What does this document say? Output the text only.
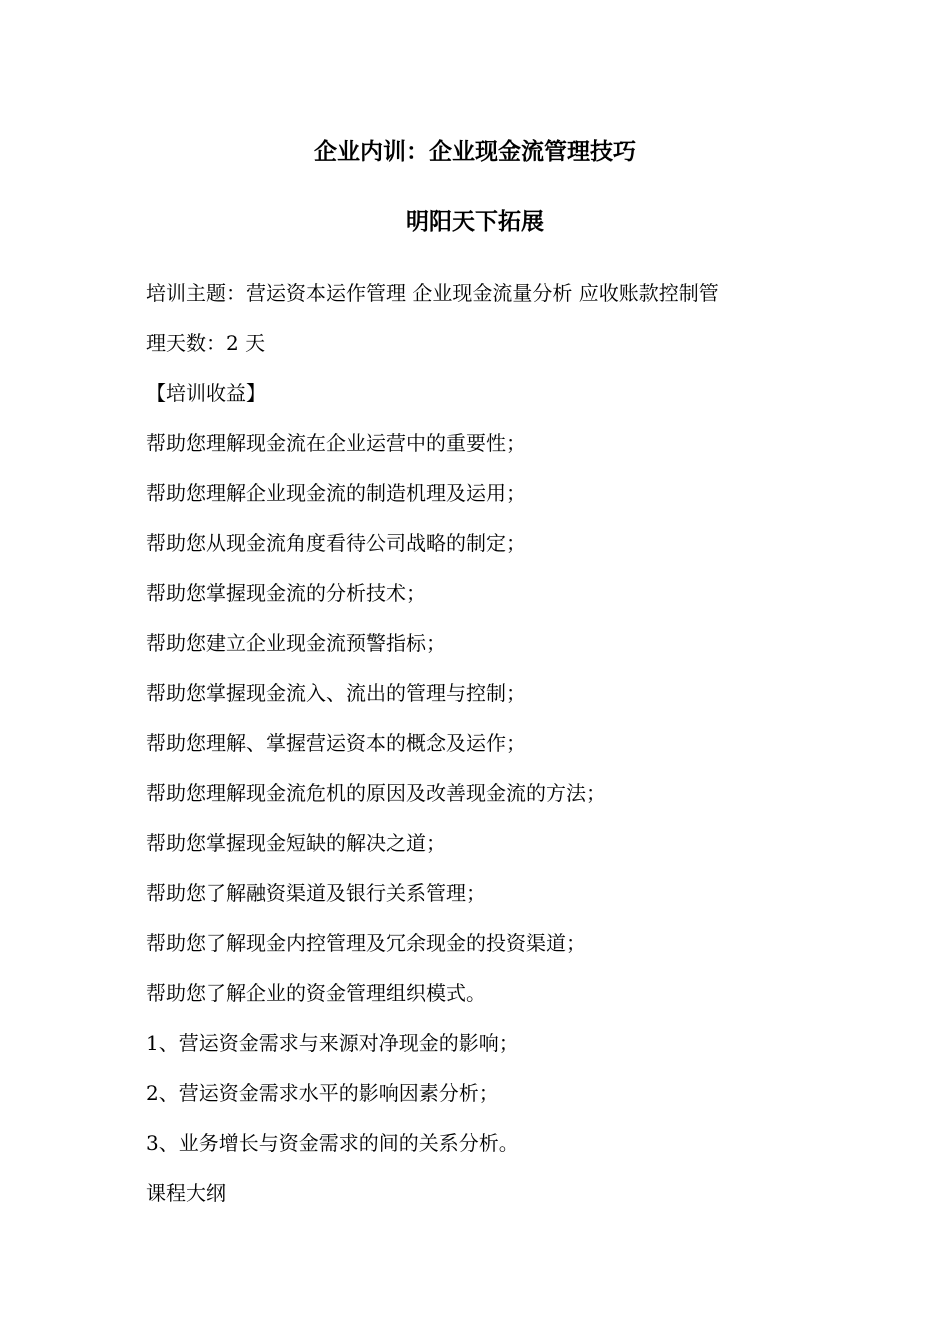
企业内训：企业现金流管理技巧
明阳天下拓展
培训主题：营运资本运作管理 企业现金流量分析 应收账款控制管
理天数：2 天
【培训收益】
帮助您理解现金流在企业运营中的重要性；
帮助您理解企业现金流的制造机理及运用；
帮助您从现金流角度看待公司战略的制定；
帮助您掌握现金流的分析技术；
帮助您建立企业现金流预警指标；
帮助您掌握现金流入、流出的管理与控制；
帮助您理解、掌握营运资本的概念及运作；
帮助您理解现金流危机的原因及改善现金流的方法；
帮助您掌握现金短缺的解决之道；
帮助您了解融资渠道及银行关系管理；
帮助您了解现金内控管理及冗余现金的投资渠道；
帮助您了解企业的资金管理组织模式。
1、营运资金需求与来源对净现金的影响；
2、营运资金需求水平的影响因素分析；
3、业务增长与资金需求的间的关系分析。
课程大纲
